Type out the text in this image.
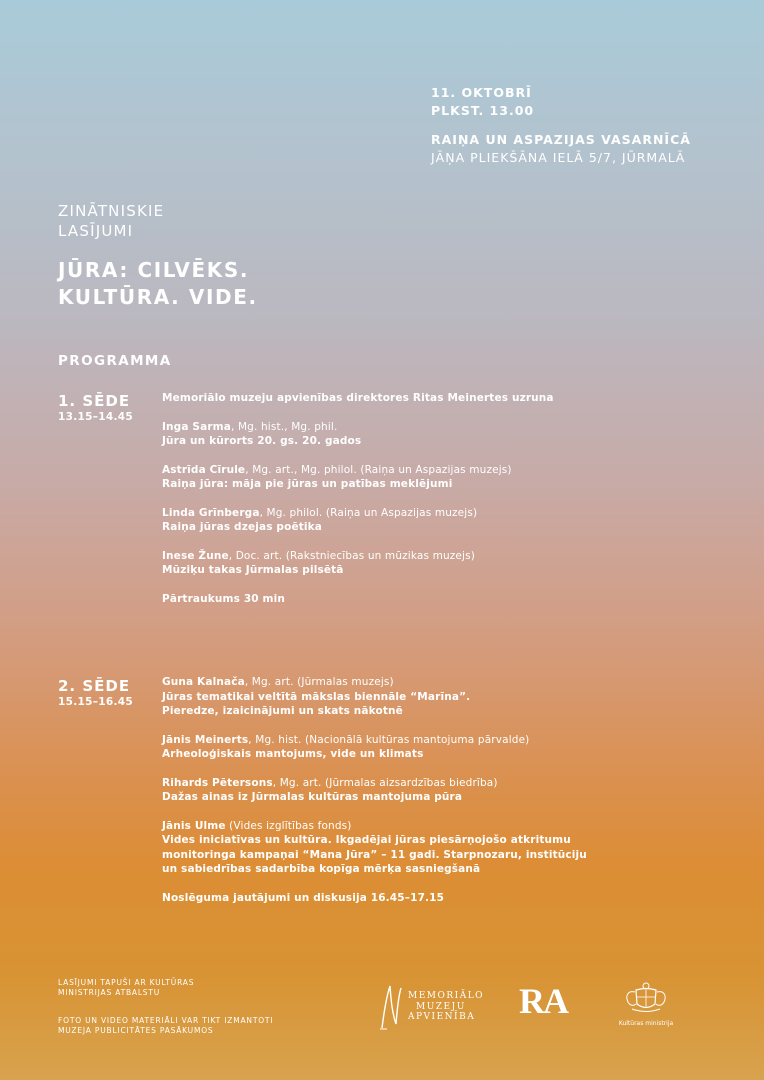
11. OKTOBRĪ
PLKST. 13.00
RAIŅA UN ASPAZIJAS VASARNĪCĀ
JĀŅA PLIEKŠĀNA IELĀ 5/7, JŪRMALĀ
ZINĀTNISKIE
LASĪJUMI
JŪRA: CILVĒKS.
KULTŪRA. VIDE.
PROGRAMMA
1. SĒDE
13.15–14.45
Memoriālo muzeju apvienības direktores Ritas Meinertes uzruna
Inga Sarma, Mg. hist., Mg. phil.
Jūra un kūrorts 20. gs. 20. gados
Astrīda Cīrule, Mg. art., Mg. philol. (Raiņa un Aspazijas muzejs)
Raiņa jūra: māja pie jūras un patības meklējumi
Linda Grīnberga, Mg. philol. (Raiņa un Aspazijas muzejs)
Raiņa jūras dzejas poētika
Inese Žune, Doc. art. (Rakstniecības un mūzikas muzejs)
Mūziķu takas Jūrmalas pilsētā
Pārtraukums 30 min
2. SĒDE
15.15–16.45
Guna Kalnača, Mg. art. (Jūrmalas muzejs)
Jūras tematikai veltītā mākslas biennāle “Marīna”.
Pieredze, izaicinājumi un skats nākotnē
Jānis Meinerts, Mg. hist. (Nacionālā kultūras mantojuma pārvalde)
Arheoloģiskais mantojums, vide un klimats
Rihards Pētersons, Mg. art. (Jūrmalas aizsardzības biedrība)
Dažas ainas iz Jūrmalas kultūras mantojuma pūra
Jānis Ulme (Vides izglītības fonds)
Vides iniciatīvas un kultūra. Ikgadējai jūras piesārņojošo atkritumu
monitoringa kampaņai “Mana Jūra” – 11 gadi. Starpnozaru, institūciju
un sabiedrības sadarbība kopīga mērķa sasniegšanā
Noslēguma jautājumi un diskusija 16.45–17.15
LASĪJUMI TAPUŠI AR KULTŪRAS
MINISTRIJAS ATBALSTU
FOTO UN VIDEO MATERIĀLI VAR TIKT IZMANTOTI
MUZEJA PUBLICITĀTES PASĀKUMOS
MEMORIĀLO
MUZEJU
APVIENĪBA RA
Kultūras ministrija
